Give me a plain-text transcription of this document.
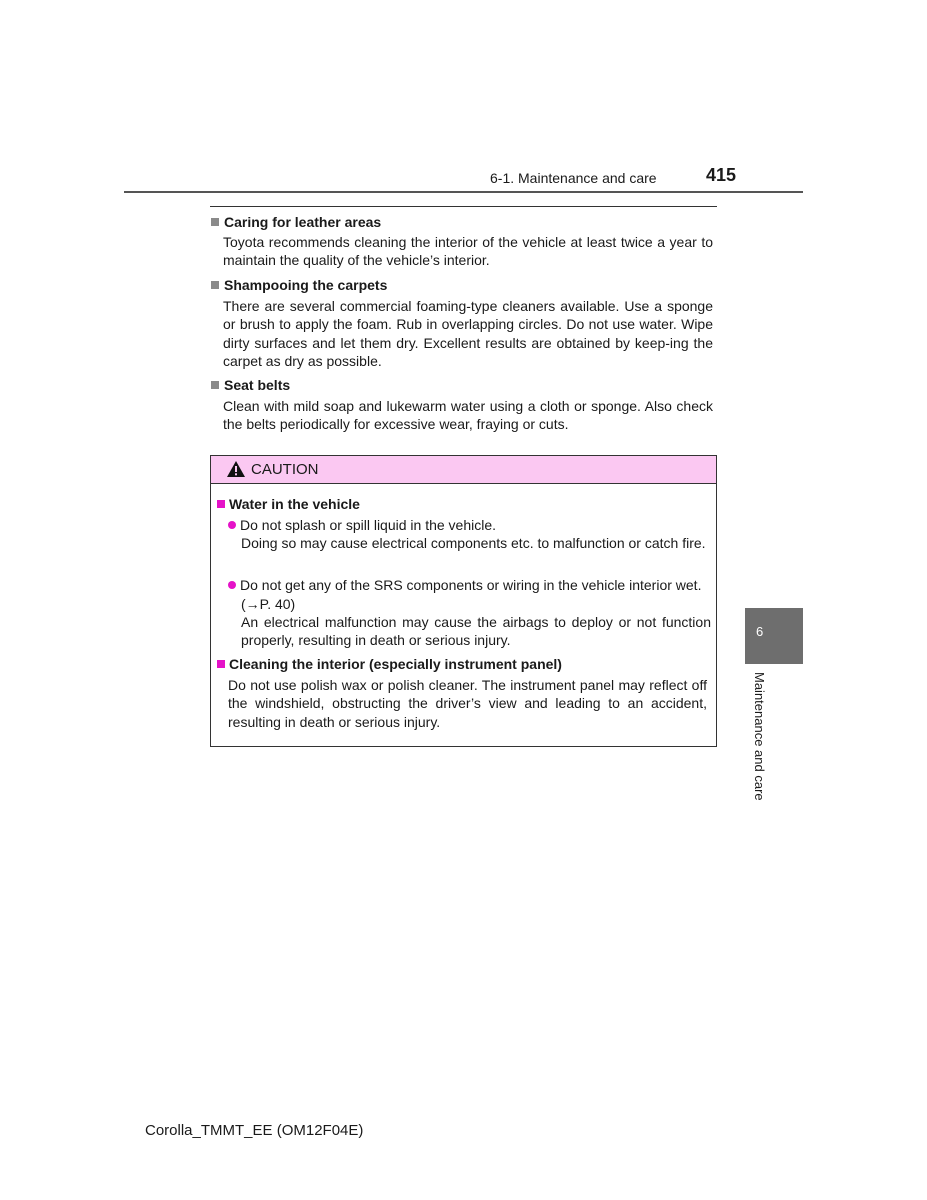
6-1. Maintenance and care	415
Caring for leather areas
Toyota recommends cleaning the interior of the vehicle at least twice a year to maintain the quality of the vehicle’s interior.
Shampooing the carpets
There are several commercial foaming-type cleaners available. Use a sponge or brush to apply the foam. Rub in overlapping circles. Do not use water. Wipe dirty surfaces and let them dry. Excellent results are obtained by keep-ing the carpet as dry as possible.
Seat belts
Clean with mild soap and lukewarm water using a cloth or sponge. Also check the belts periodically for excessive wear, fraying or cuts.
CAUTION
Water in the vehicle
Do not splash or spill liquid in the vehicle.
Doing so may cause electrical components etc. to malfunction or catch fire.
Do not get any of the SRS components or wiring in the vehicle interior wet.
(→P. 40)
An electrical malfunction may cause the airbags to deploy or not function properly, resulting in death or serious injury.
Cleaning the interior (especially instrument panel)
Do not use polish wax or polish cleaner. The instrument panel may reflect off the windshield, obstructing the driver’s view and leading to an accident, resulting in death or serious injury.
6
Maintenance and care
Corolla_TMMT_EE (OM12F04E)
